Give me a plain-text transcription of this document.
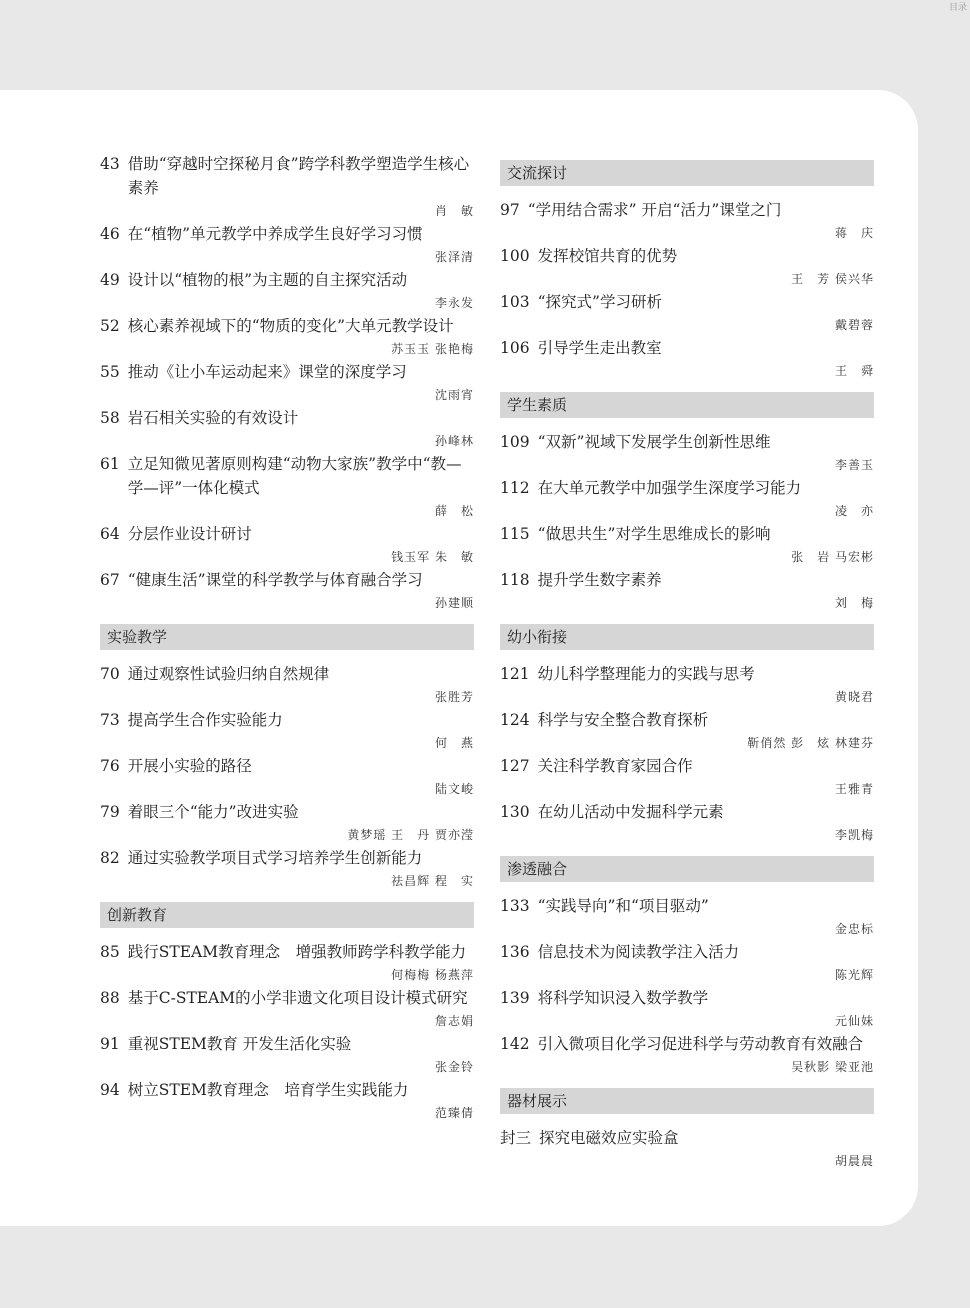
目录
43 借助“穿越时空探秘月食”跨学科教学塑造学生核心素养
肖　敏
46 在“植物”单元教学中养成学生良好学习习惯
张泽清
49 设计以“植物的根”为主题的自主探究活动
李永发
52 核心素养视域下的“物质的变化”大单元教学设计
苏玉玉 张艳梅
55 推动《让小车运动起来》课堂的深度学习
沈雨宵
58 岩石相关实验的有效设计
孙峰林
61 立足知微见著原则构建“动物大家族”教学中“教—学—评”一体化模式
薛　松
64 分层作业设计研讨
钱玉军 朱　敏
67 “健康生活”课堂的科学教学与体育融合学习
孙建顺
实验教学
70 通过观察性试验归纳自然规律
张胜芳
73 提高学生合作实验能力
何　燕
76 开展小实验的路径
陆文峻
79 着眼三个“能力”改进实验
黄梦瑶 王　丹 贾亦滢
82 通过实验教学项目式学习培养学生创新能力
祛昌辉 程　实
创新教育
85 践行STEAM教育理念　增强教师跨学科教学能力
何梅梅 杨燕萍
88 基于C-STEAM的小学非遗文化项目设计模式研究
詹志娟
91 重视STEM教育 开发生活化实验
张金铃
94 树立STEM教育理念　培育学生实践能力
范臻倩
交流探讨
97 “学用结合需求” 开启“活力”课堂之门
蒋　庆
100 发挥校馆共育的优势
王　芳 侯兴华
103 “探究式”学习研析
戴碧蓉
106 引导学生走出教室
王　舜
学生素质
109 “双新”视域下发展学生创新性思维
李善玉
112 在大单元教学中加强学生深度学习能力
凌　亦
115 “做思共生”对学生思维成长的影响
张　岩 马宏彬
118 提升学生数字素养
刘　梅
幼小衔接
121 幼儿科学整理能力的实践与思考
黄晓君
124 科学与安全整合教育探析
靳俏然 彭　炫 林建芬
127 关注科学教育家园合作
王雅青
130 在幼儿活动中发掘科学元素
李凯梅
渗透融合
133 “实践导向”和“项目驱动”
金忠标
136 信息技术为阅读教学注入活力
陈光辉
139 将科学知识浸入数学教学
元仙妹
142 引入微项目化学习促进科学与劳动教育有效融合
吴秋影 梁亚池
器材展示
封三 探究电磁效应实验盒
胡晨晨
